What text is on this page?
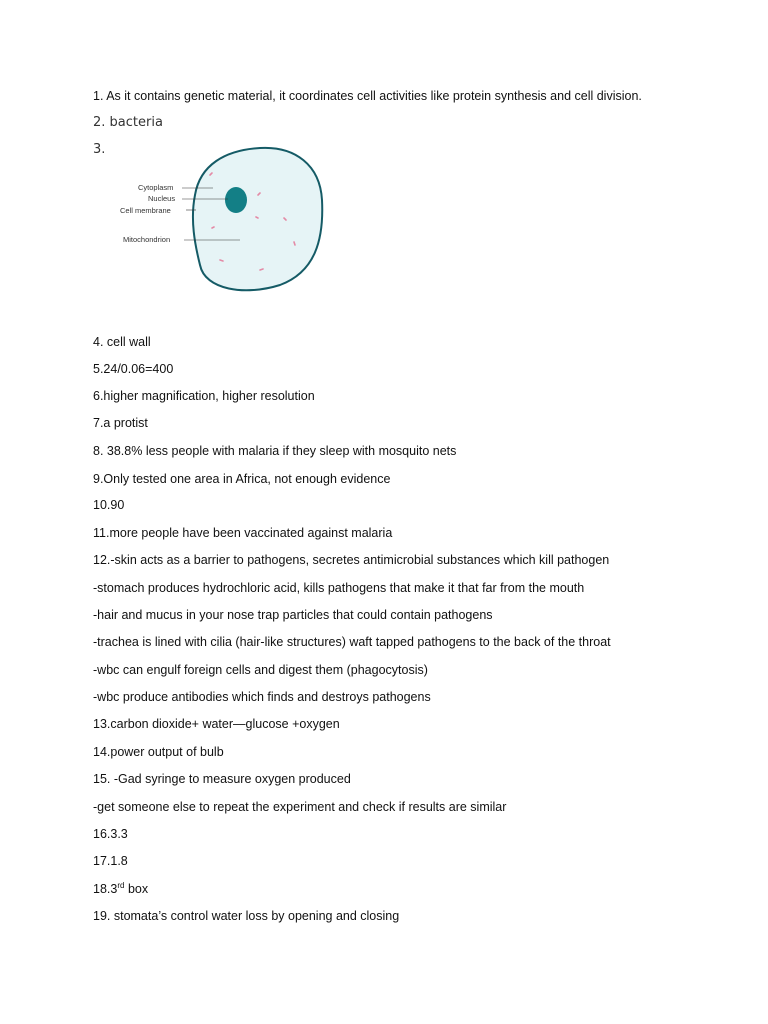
1. As it contains genetic material, it coordinates cell activities like protein synthesis and cell division.
2. bacteria
3.
Cytoplasm
Nucleus
Cell membrane
Mitochondrion
4. cell wall
5.24/0.06=400
6.higher magnification, higher resolution
7.a protist
8. 38.8% less people with malaria if they sleep with mosquito nets
9.Only tested one area in Africa, not enough evidence
10.90
11.more people have been vaccinated against malaria
12.-skin acts as a barrier to pathogens, secretes antimicrobial substances which kill pathogen
-stomach produces hydrochloric acid, kills pathogens that make it that far from the mouth
-hair and mucus in your nose trap particles that could contain pathogens
-trachea is lined with cilia (hair-like structures) waft tapped pathogens to the back of the throat
-wbc can engulf foreign cells and digest them (phagocytosis)
-wbc produce antibodies which finds and destroys pathogens
13.carbon dioxide+ water—glucose +oxygen
14.power output of bulb
15. -Gad syringe to measure oxygen produced
-get someone else to repeat the experiment and check if results are similar
16.3.3
17.1.8
18.3rd box
19. stomata’s control water loss by opening and closing
